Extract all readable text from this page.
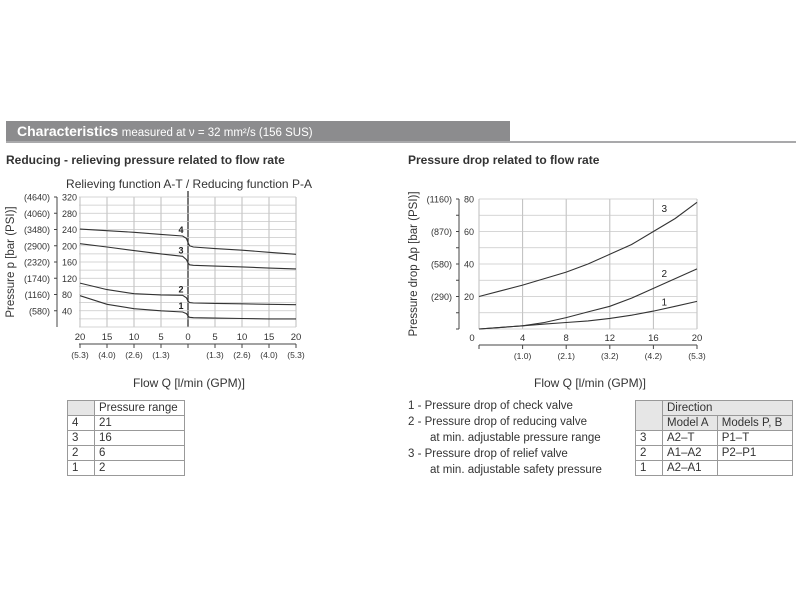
Characteristics measured at ν = 32 mm²/s (156 SUS)
Reducing - relieving pressure related to flow rate	Pressure drop related to flow rate
Relieving function A-T / Reducing function P-A
Pressure p [bar (PSI)]
320
(4640)
280
(4060)
240
(3480)
200
(2900)
160
(2320)
120
(1740)
80
(1160)
40
(580)
20
(5.3)
15
(4.0)
10
(2.6)
5
(1.3)
0 5
(1.3)
10
(2.6)
15
(4.0)
20
(5.3)
4
3
2
1
Flow Q [l/min (GPM)]
Pressure drop Δp [bar (PSI)]	80
(1160)
60
(870)
40
(580)
20
(290)
0	4
(1.0)
8
(2.1)
12
(3.2)
16
(4.2)
20
(5.3)
3
2
1
Flow Q [l/min (GPM)]
	Pressure range
4	21
3	16
2	6
1	2
1 - Pressure drop of check valve
2 - Pressure drop of reducing valve
at min. adjustable pressure range
3 - Pressure drop of relief valve
at min. adjustable safety pressure
	Direction	
	Model A	Models P, B
3	A2–T	P1–T
2	A1–A2	P2–P1
1	A2–A1	
